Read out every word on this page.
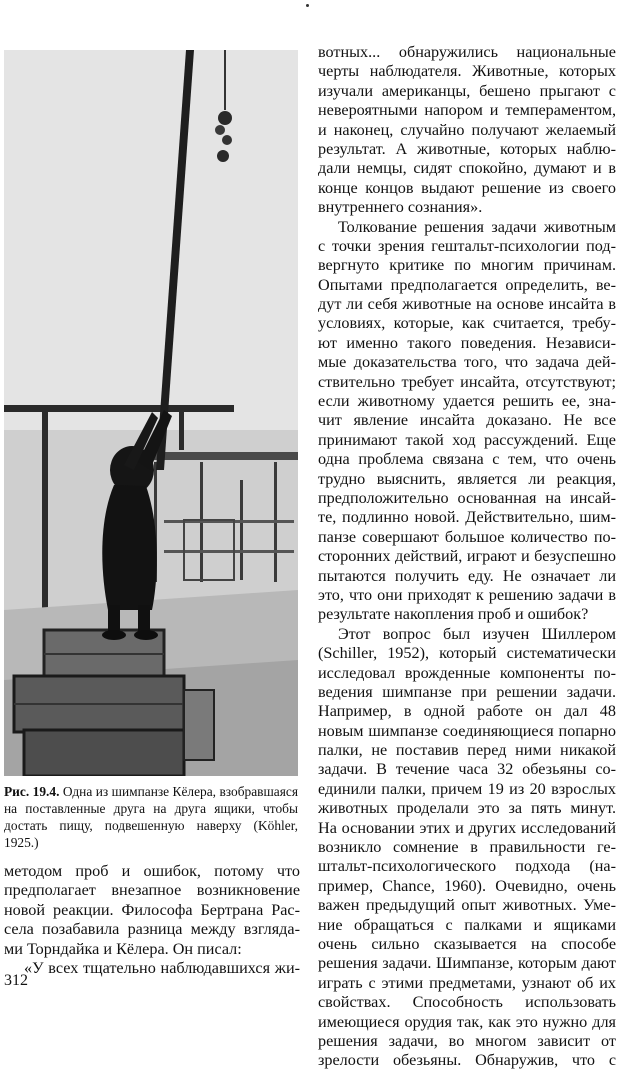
Рис. 19.4. Одна из шимпанзе Кёлера, взобравшаяся на поставленные друга на друга ящики, чтобы достать пищу, подвешенную наверху (Köhler, 1925.)
методом проб и ошибок, потому что
предполагает внезапное возникновение
новой реакции. Философа Бертрана Рас-
села позабавила разница между взгляда-
ми Торндайка и Кёлера. Он писал:
«У всех тщательно наблюдавшихся жи-
вотных... обнаружились национальные
черты наблюдателя. Животные, которых
изучали американцы, бешено прыгают с
невероятными напором и темпераментом,
и наконец, случайно получают желаемый
результат. А животные, которых наблю-
дали немцы, сидят спокойно, думают и в
конце концов выдают решение из своего
внутреннего сознания».
Толкование решения задачи животным
с точки зрения гештальт-психологии под-
вергнуто критике по многим причинам.
Опытами предполагается определить, ве-
дут ли себя животные на основе инсайта в
условиях, которые, как считается, требу-
ют именно такого поведения. Независи-
мые доказательства того, что задача дей-
ствительно требует инсайта, отсутствуют;
если животному удается решить ее, зна-
чит явление инсайта доказано. Не все
принимают такой ход рассуждений. Еще
одна проблема связана с тем, что очень
трудно выяснить, является ли реакция,
предположительно основанная на инсай-
те, подлинно новой. Действительно, шим-
панзе совершают большое количество по-
сторонних действий, играют и безуспешно
пытаются получить еду. Не означает ли
это, что они приходят к решению задачи в
результате накопления проб и ошибок?
Этот вопрос был изучен Шиллером
(Schiller, 1952), который систематически
исследовал врожденные компоненты по-
ведения шимпанзе при решении задачи.
Например, в одной работе он дал 48
новым шимпанзе соединяющиеся попарно
палки, не поставив перед ними никакой
задачи. В течение часа 32 обезьяны со-
единили палки, причем 19 из 20 взрослых
животных проделали это за пять минут.
На основании этих и других исследований
возникло сомнение в правильности ге-
штальт-психологического подхода (на-
пример, Chance, 1960). Очевидно, очень
важен предыдущий опыт животных. Уме-
ние обращаться с палками и ящиками
очень сильно сказывается на способе
решения задачи. Шимпанзе, которым дают
играть с этими предметами, узнают об их
свойствах. Способность использовать
имеющиеся орудия так, как это нужно для
решения задачи, во многом зависит от
зрелости обезьяны. Обнаружив, что с
312
